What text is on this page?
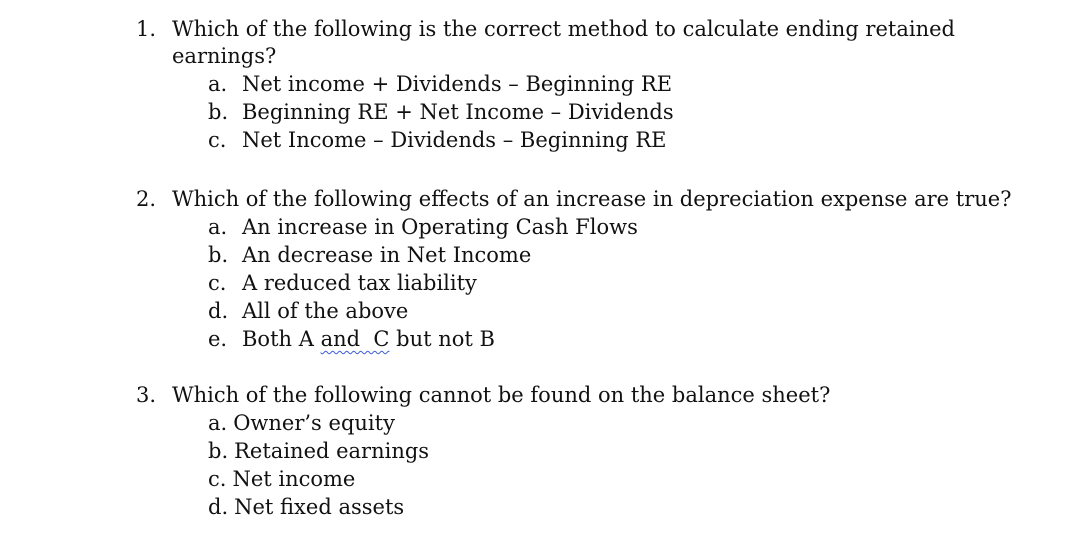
1. Which of the following is the correct method to calculate ending retained earnings?
a. Net income + Dividends – Beginning RE
b. Beginning RE + Net Income – Dividends
c. Net Income – Dividends – Beginning RE
2. Which of the following effects of an increase in depreciation expense are true?
a. An increase in Operating Cash Flows
b. An decrease in Net Income
c. A reduced tax liability
d. All of the above
e. Both A and  C but not B
3. Which of the following cannot be found on the balance sheet?
a. Owner’s equity
b. Retained earnings
c. Net income
d. Net fixed assets
